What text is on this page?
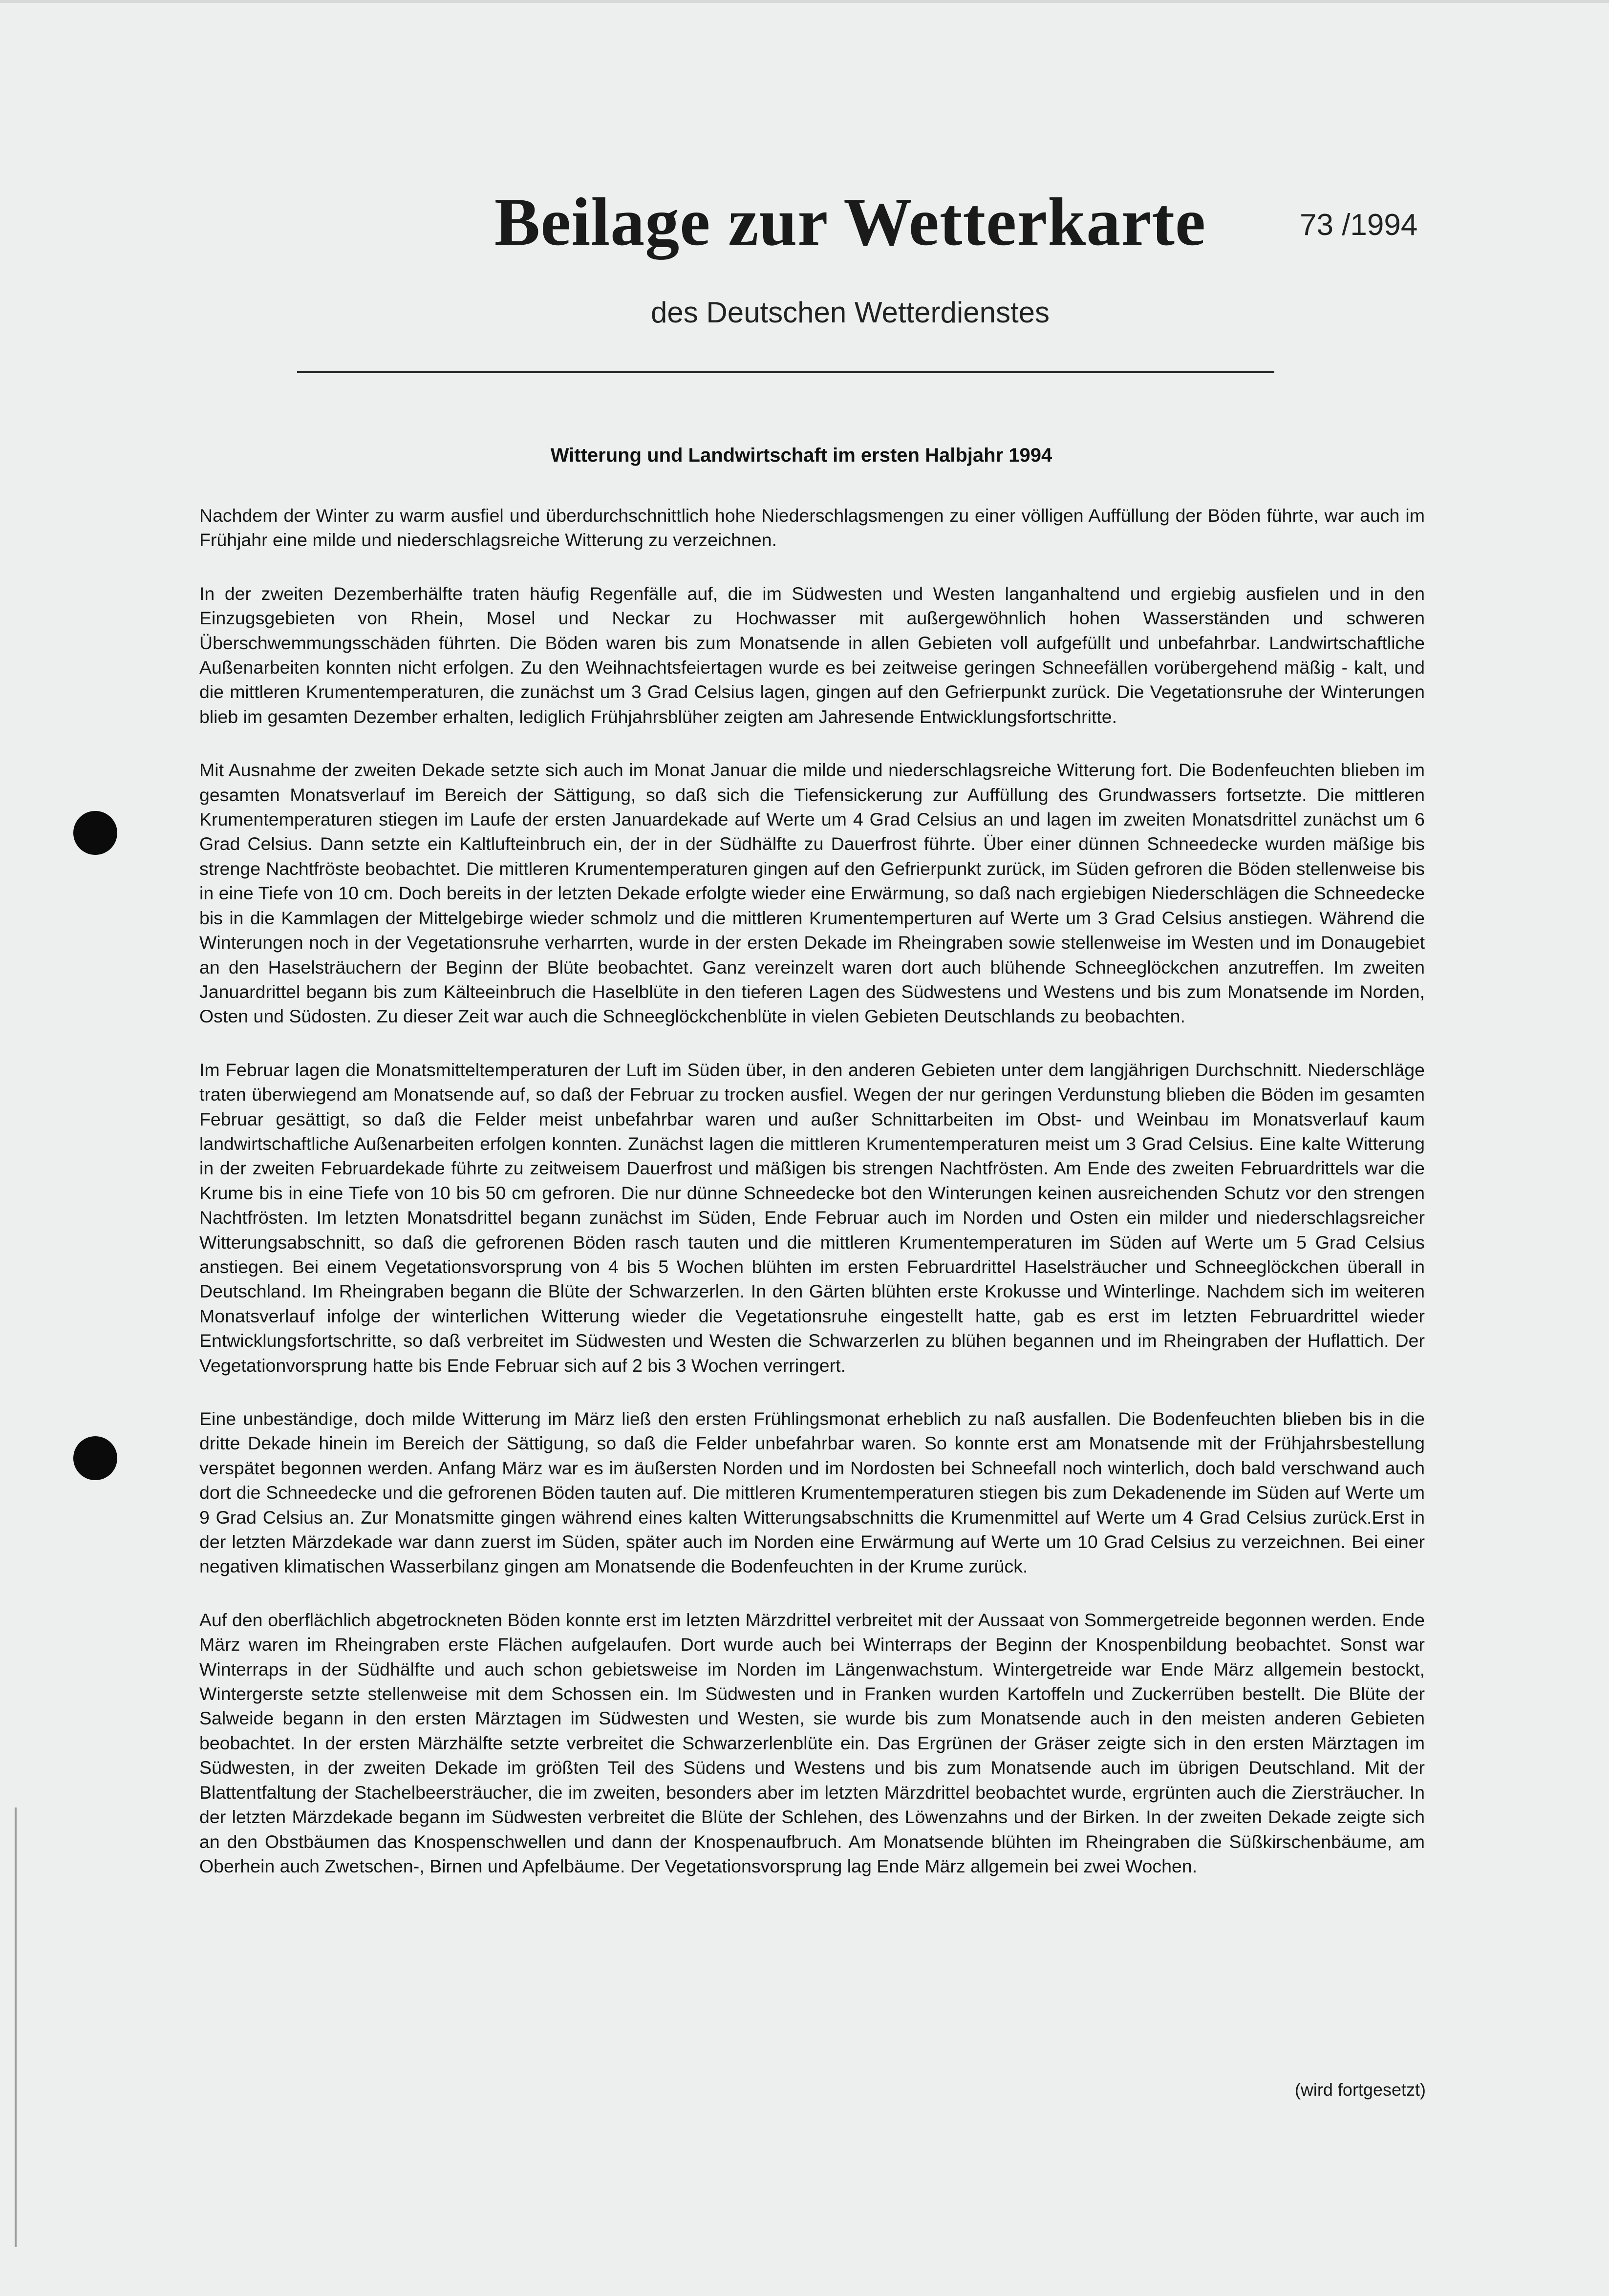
Beilage zur Wetterkarte	73 /1994
des Deutschen Wetterdienstes
Witterung und Landwirtschaft im ersten Halbjahr 1994

Nachdem der Winter zu warm ausfiel und überdurchschnittlich hohe Niederschlagsmengen zu einer völligen Auffüllung der Böden führte, war auch im Frühjahr eine milde und niederschlagsreiche Witterung zu verzeichnen.

In der zweiten Dezemberhälfte traten häufig Regenfälle auf, die im Südwesten und Westen langanhaltend und ergiebig ausfielen und in den Einzugsgebieten von Rhein, Mosel und Neckar zu Hochwasser mit außergewöhnlich hohen Wasserständen und schweren Überschwemmungsschäden führten. Die Böden waren bis zum Monatsende in allen Gebieten voll aufgefüllt und unbefahrbar. Landwirtschaftliche Außenarbeiten konnten nicht erfolgen. Zu den Weihnachtsfeiertagen wurde es bei zeitweise geringen Schneefällen vorübergehend mäßig - kalt, und die mittleren Krumentemperaturen, die zunächst um 3 Grad Celsius lagen, gingen auf den Gefrierpunkt zurück. Die Vegetationsruhe der Winterungen blieb im gesamten Dezember erhalten, lediglich Frühjahrsblüher zeigten am Jahresende Entwicklungsfortschritte.

Mit Ausnahme der zweiten Dekade setzte sich auch im Monat Januar die milde und niederschlagsreiche Witterung fort. Die Bodenfeuchten blieben im gesamten Monatsverlauf im Bereich der Sättigung, so daß sich die Tiefensickerung zur Auffüllung des Grundwassers fortsetzte. Die mittleren Krumentemperaturen stiegen im Laufe der ersten Januardekade auf Werte um 4 Grad Celsius an und lagen im zweiten Monatsdrittel zunächst um 6 Grad Celsius. Dann setzte ein Kaltlufteinbruch ein, der in der Südhälfte zu Dauerfrost führte. Über einer dünnen Schneedecke wurden mäßige bis strenge Nachtfröste beobachtet. Die mittleren Krumentemperaturen gingen auf den Gefrierpunkt zurück, im Süden gefroren die Böden stellenweise bis in eine Tiefe von 10 cm. Doch bereits in der letzten Dekade erfolgte wieder eine Erwärmung, so daß nach ergiebigen Niederschlägen die Schneedecke bis in die Kammlagen der Mittelgebirge wieder schmolz und die mittleren Krumentemperturen auf Werte um 3 Grad Celsius anstiegen. Während die Winterungen noch in der Vegetationsruhe verharrten, wurde in der ersten Dekade im Rheingraben sowie stellenweise im Westen und im Donaugebiet an den Haselsträuchern der Beginn der Blüte beobachtet. Ganz vereinzelt waren dort auch blühende Schneeglöckchen anzutreffen. Im zweiten Januardrittel begann bis zum Kälteeinbruch die Haselblüte in den tieferen Lagen des Südwestens und Westens und bis zum Monatsende im Norden, Osten und Südosten. Zu dieser Zeit war auch die Schneeglöckchenblüte in vielen Gebieten Deutschlands zu beobachten.

Im Februar lagen die Monatsmitteltemperaturen der Luft im Süden über, in den anderen Gebieten unter dem langjährigen Durchschnitt. Niederschläge traten überwiegend am Monatsende auf, so daß der Februar zu trocken ausfiel. Wegen der nur geringen Verdunstung blieben die Böden im gesamten Februar gesättigt, so daß die Felder meist unbefahrbar waren und außer Schnittarbeiten im Obst- und Weinbau im Monatsverlauf kaum landwirtschaftliche Außenarbeiten erfolgen konnten. Zunächst lagen die mittleren Krumentemperaturen meist um 3 Grad Celsius. Eine kalte Witterung in der zweiten Februardekade führte zu zeitweisem Dauerfrost und mäßigen bis strengen Nachtfrösten. Am Ende des zweiten Februardrittels war die Krume bis in eine Tiefe von 10 bis 50 cm gefroren. Die nur dünne Schneedecke bot den Winterungen keinen ausreichenden Schutz vor den strengen Nachtfrösten. Im letzten Monatsdrittel begann zunächst im Süden, Ende Februar auch im Norden und Osten ein milder und niederschlagsreicher Witterungsabschnitt, so daß die gefrorenen Böden rasch tauten und die mittleren Krumentemperaturen im Süden auf Werte um 5 Grad Celsius anstiegen. Bei einem Vegetationsvorsprung von 4 bis 5 Wochen blühten im ersten Februardrittel Haselsträucher und Schneeglöckchen überall in Deutschland. Im Rheingraben begann die Blüte der Schwarzerlen. In den Gärten blühten erste Krokusse und Winterlinge. Nachdem sich im weiteren Monatsverlauf infolge der winterlichen Witterung wieder die Vegetationsruhe eingestellt hatte, gab es erst im letzten Februardrittel wieder Entwicklungsfortschritte, so daß verbreitet im Südwesten und Westen die Schwarzerlen zu blühen begannen und im Rheingraben der Huflattich. Der Vegetationvorsprung hatte bis Ende Februar sich auf 2 bis 3 Wochen verringert.

Eine unbeständige, doch milde Witterung im März ließ den ersten Frühlingsmonat erheblich zu naß ausfallen. Die Bodenfeuchten blieben bis in die dritte Dekade hinein im Bereich der Sättigung, so daß die Felder unbefahrbar waren. So konnte erst am Monatsende mit der Frühjahrsbestellung verspätet begonnen werden. Anfang März war es im äußersten Norden und im Nordosten bei Schneefall noch winterlich, doch bald verschwand auch dort die Schneedecke und die gefrorenen Böden tauten auf. Die mittleren Krumentemperaturen stiegen bis zum Dekadenende im Süden auf Werte um 9 Grad Celsius an. Zur Monatsmitte gingen während eines kalten Witterungsabschnitts die Krumenmittel auf Werte um 4 Grad Celsius zurück.Erst in der letzten Märzdekade war dann zuerst im Süden, später auch im Norden eine Erwärmung auf Werte um 10 Grad Celsius zu verzeichnen. Bei einer negativen klimatischen Wasserbilanz gingen am Monatsende die Bodenfeuchten in der Krume zurück.

Auf den oberflächlich abgetrockneten Böden konnte erst im letzten Märzdrittel verbreitet mit der Aussaat von Sommergetreide begonnen werden. Ende März waren im Rheingraben erste Flächen aufgelaufen. Dort wurde auch bei Winterraps der Beginn der Knospenbildung beobachtet. Sonst war Winterraps in der Südhälfte und auch schon gebietsweise im Norden im Längenwachstum. Wintergetreide war Ende März allgemein bestockt, Wintergerste setzte stellenweise mit dem Schossen ein. Im Südwesten und in Franken wurden Kartoffeln und Zuckerrüben bestellt. Die Blüte der Salweide begann in den ersten Märztagen im Südwesten und Westen, sie wurde bis zum Monatsende auch in den meisten anderen Gebieten beobachtet. In der ersten Märzhälfte setzte verbreitet die Schwarzerlenblüte ein. Das Ergrünen der Gräser zeigte sich in den ersten Märztagen im Südwesten, in der zweiten Dekade im größten Teil des Südens und Westens und bis zum Monatsende auch im übrigen Deutschland. Mit der Blattentfaltung der Stachelbeersträucher, die im zweiten, besonders aber im letzten Märzdrittel beobachtet wurde, ergrünten auch die Ziersträucher. In der letzten Märzdekade begann im Südwesten verbreitet die Blüte der Schlehen, des Löwenzahns und der Birken. In der zweiten Dekade zeigte sich an den Obstbäumen das Knospenschwellen und dann der Knospenaufbruch. Am Monatsende blühten im Rheingraben die Süßkirschenbäume, am Oberhein auch Zwetschen-, Birnen und Apfelbäume. Der Vegetationsvorsprung lag Ende März allgemein bei zwei Wochen.

(wird fortgesetzt)
